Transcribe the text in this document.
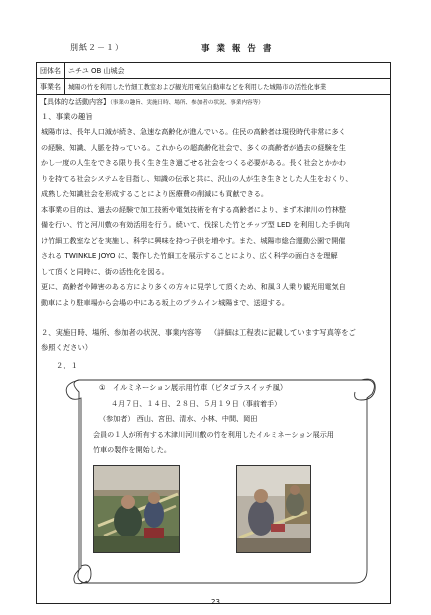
別紙２－１）	事 業 報 告 書
団体名	ニチユ OB 山城会
事業名	城陽の竹を利用した竹細工教室および観光用電気自動車などを利用した城陽市の活性化事業
【具体的な活動内容】（事業の趣旨、実施日時、場所、参加者の状況、事業内容等）
１、事業の趣旨
城陽市は、長年人口減が続き、急速な高齢化が進んでいる。住民の高齢者は現役時代非常に多く
の経験、知識、人脈を持っている。これからの超高齢化社会で、多くの高齢者が過去の経験を生
かし一度の人生をできる限り長く生き生き過ごせる社会をつくる必要がある。長く社会とかかわ
りを持てる社会システムを目指し、知識の伝承と共に、沢山の人が生き生きとした人生をおくり、
成熟した知識社会を形成することにより医療費の削減にも貢献できる。
本事業の目的は、過去の経験で加工技術や電気技術を有する高齢者により、まず木津川の竹林整
備を行い、竹と河川敷の有効活用を行う。続いて、伐採した竹とチップ型 LED を利用した手供向
け竹細工教室などを実施し、科学に興味を持つ子供を増やす。また、城陽市総合運動公園で開催
される TWINKLE JOYO に、製作した竹細工を展示することにより、広く科学の面白さを理解
して頂くと同時に、街の活性化を図る。
更に、高齢者や障害のある方により多くの方々に見学して頂くため、和風３人乗り観光用電気自
動車により駐車場から会場の中にある坂上のプラムイン城陽まで、送迎する。
２、実施日時、場所、参加者の状況、事業内容等 （詳細は工程表に記載しています写真等をご
参照ください）
２．１
①　イルミネーション展示用竹車（ピタゴラスイッチ風）
４月７日、１４日、２８日、５月１９日（事前着手）
（参加者） 西山、宮田、清水、小林、中間、岡田
会員の１人が所有する木津川河川敷の竹を利用したイルミネーション展示用
竹車の製作を開始した。
23
